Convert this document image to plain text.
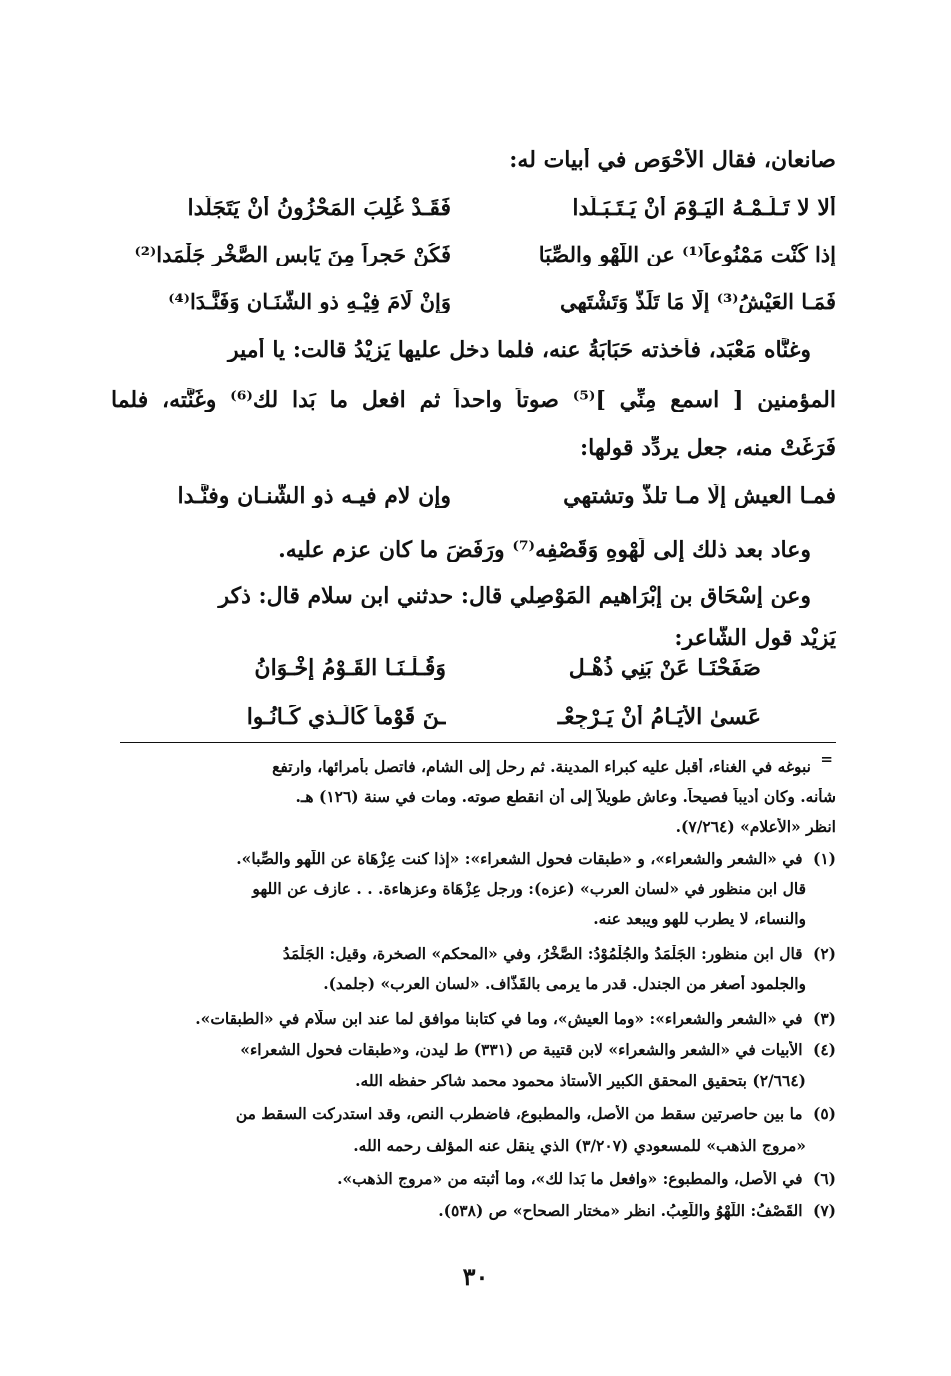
صانعان، فقال الأحْوَص في أبيات له:
ألا لا تَـلُـمْـهُ اليَـوْمَ أنْ يَـتَـبَـلَّدا
فَقَـدْ غُلِبَ المَحْزُونُ أنْ يَتَجَلَّدا
إذا كُنْت مَمْنُوعاً⁽¹⁾ عن اللَّهْو والصِّبَا
فَكُنْ حَجراً مِنَ يَابس الصَّخْرِ جَلْمَدا⁽²⁾
فَمَـا العَيْشُ⁽³⁾ إلَّا مَا تَلَذُّ وَتَشْتَهي
وَإِنْ لَامَ فِيْـهِ ذو الشَّنَـان وَفَنَّـدَا⁽⁴⁾
وغنَّاه مَعْبَد، فأخذته حَبَابَةُ عنه، فلما دخل عليها يَزِيْدُ قالت: يا أمير
المؤمنين [ اسمع مِنِّي ]⁽⁵⁾ صوتاً واحداً ثم افعل ما بَدا لك⁽⁶⁾ وغَنَّته، فلما
فَرَغَتْ منه، جعل يردِّد قولها:
فمـا العيش إلَّا مـا تلذُّ وتشتهي
وإن لام فيـه ذو الشَّنـان وفنَّـدا
وعاد بعد ذلك إلى لَهْوِهِ وَقَصْفِه⁽⁷⁾ ورَفَضَ ما كان عزم عليه.
وعن إسْحَاق بن إبْرَاهيم المَوْصِلي قال: حدثني ابن سلام قال: ذكر
يَزِيْد قول الشَّاعر:
صَفَحْنَـا عَنْ بَنِي ذُهْـلٍ
وَقُـلْـنَـا القَـوْمُ إِخْـوَانُ
عَسىٰ الأيَـامُ أنْ يَـرْجِعْـ
ـنَ قَوْماً كَالَّـذي كَـانُـوا
=
نبوغه في الغناء، أقبل عليه كبراء المدينة. ثم رحل إلى الشام، فاتصل بأمرائها، وارتفع
شأنه. وكان أديباً فصيحاً. وعاش طويلاً إلى أن انقطع صوته. ومات في سنة (١٢٦) هـ.
انظر «الأعلام» (٧/٢٦٤).
(١) في «الشعر والشعراء»، و «طبقات فحول الشعراء»: «إذا كنت عِزْهَاة عن اللَّهو والصِّبا».
قال ابن منظور في «لسان العرب» (عزه): ورجل عِزْهَاة وعزهاءة. . . عازف عن اللهو
والنساء، لا يطرب للهو ويبعد عنه.
(٢) قال ابن منظور: الجَلْمَدُ والجُلْمُوْدُ: الصَّخْرُ، وفي «المحكم» الصخرة، وقيل: الجَلْمَدُ
والجلمود أصغر من الجندل. قدر ما يرمى بالقَذَّاف. «لسان العرب» (جلمد).
(٣) في «الشعر والشعراء»: «وما العيش»، وما في كتابنا موافق لما عند ابن سلَّام في «الطبقات».
(٤) الأبيات في «الشعر والشعراء» لابن قتيبة ص (٣٣١) ط ليدن، و«طبقات فحول الشعراء»
(٢/٦٦٤) بتحقيق المحقق الكبير الأستاذ محمود محمد شاكر حفظه الله.
(٥) ما بين حاصرتين سقط من الأصل، والمطبوع، فاضطرب النص، وقد استدركت السقط من
«مروج الذهب» للمسعودي (٣/٢٠٧) الذي ينقل عنه المؤلف رحمه الله.
(٦) في الأصل، والمطبوع: «وافعل ما بَدا لك»، وما أثبته من «مروج الذهب».
(٧) القَصْفُ: اللَّهْوُ واللَّعِبُ. انظر «مختار الصحاح» ص (٥٣٨).
٣٠
